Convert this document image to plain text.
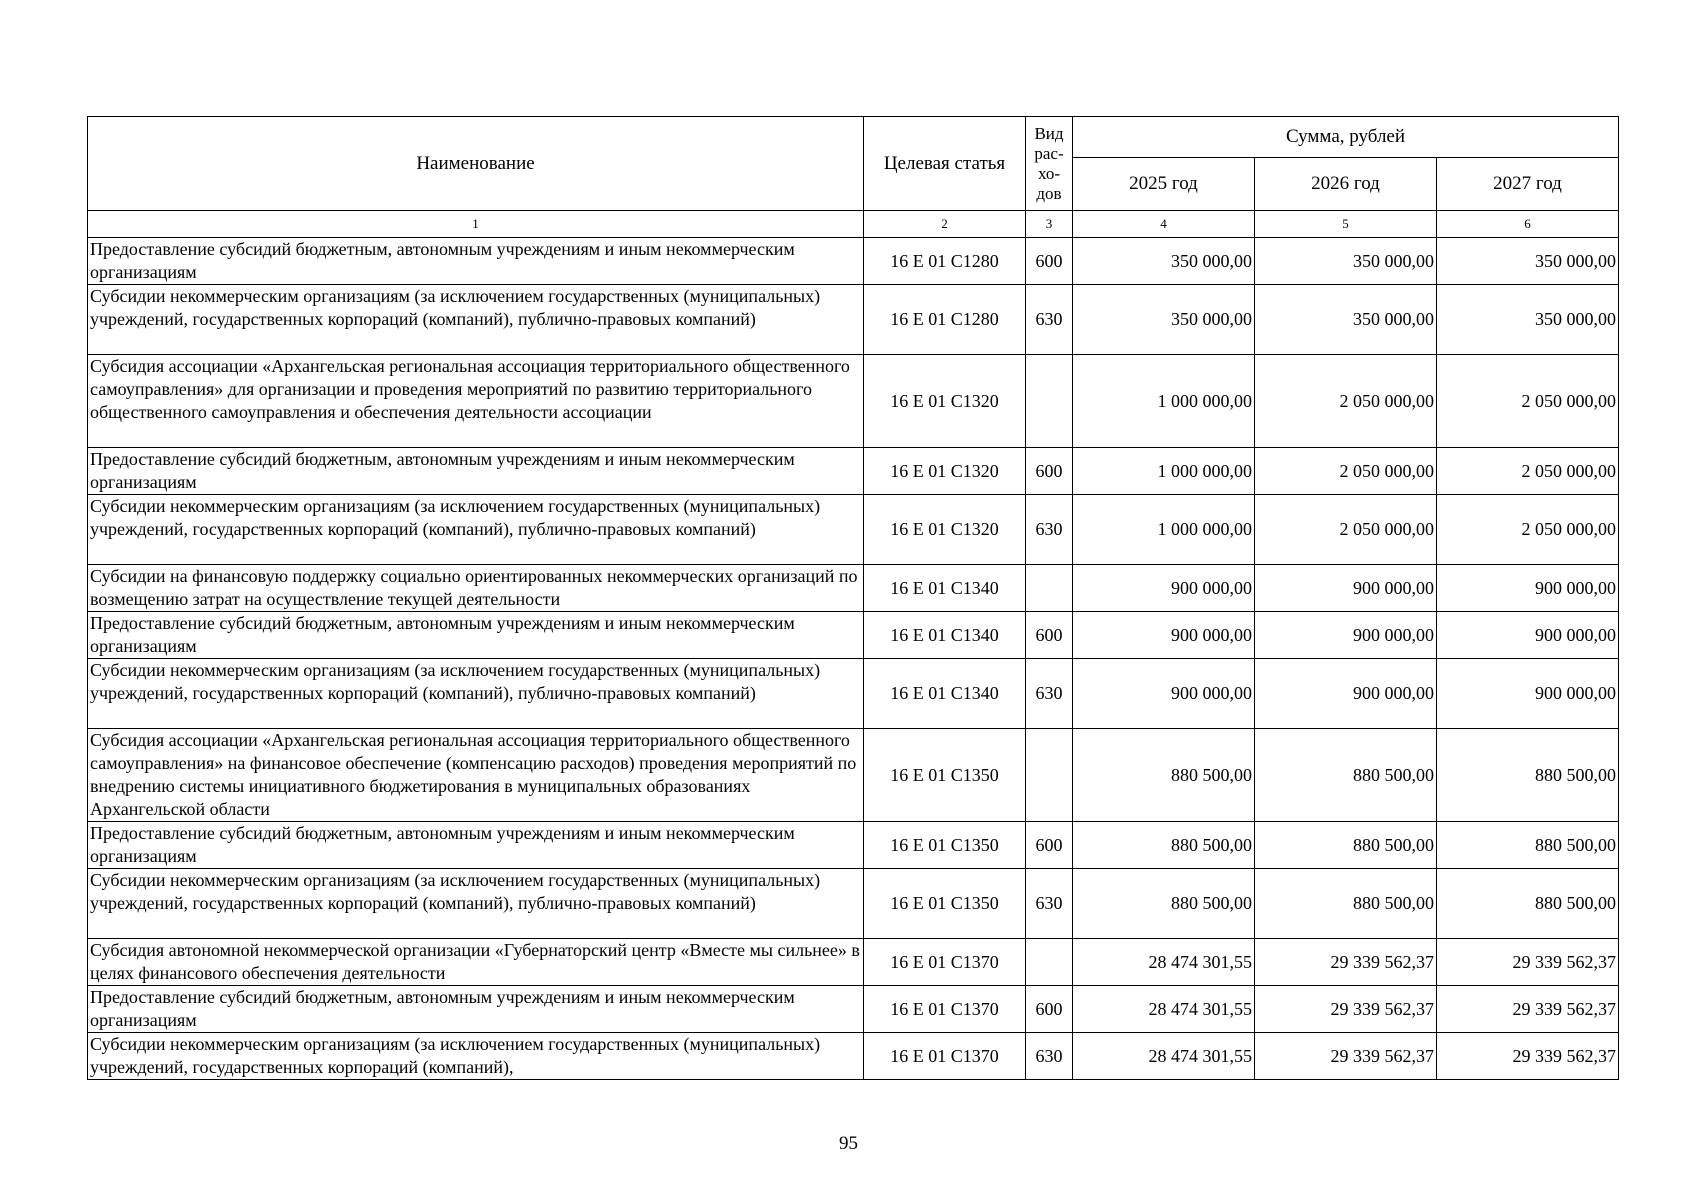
Наименование	Целевая статья	Вид рас-хо-дов	Сумма, рублей		
			2025 год	2026 год	2027 год
1	2	3	4	5	6
Предоставление субсидий бюджетным, автономным учреждениям и иным некоммерческим организациям	16 Е 01 С1280	600	350 000,00	350 000,00	350 000,00
Субсидии некоммерческим организациям (за исключением государственных (муниципальных) учреждений, государственных корпораций (компаний), публично-правовых компаний)	16 Е 01 С1280	630	350 000,00	350 000,00	350 000,00
Субсидия ассоциации «Архангельская региональная ассоциация территориального общественного самоуправления» для организации и проведения мероприятий по развитию территориального общественного самоуправления и обеспечения деятельности ассоциации	16 Е 01 С1320		1 000 000,00	2 050 000,00	2 050 000,00
Предоставление субсидий бюджетным, автономным учреждениям и иным некоммерческим организациям	16 Е 01 С1320	600	1 000 000,00	2 050 000,00	2 050 000,00
Субсидии некоммерческим организациям (за исключением государственных (муниципальных) учреждений, государственных корпораций (компаний), публично-правовых компаний)	16 Е 01 С1320	630	1 000 000,00	2 050 000,00	2 050 000,00
Субсидии на финансовую поддержку социально ориентированных некоммерческих организаций по возмещению затрат на осуществление текущей деятельности	16 Е 01 С1340		900 000,00	900 000,00	900 000,00
Предоставление субсидий бюджетным, автономным учреждениям и иным некоммерческим организациям	16 Е 01 С1340	600	900 000,00	900 000,00	900 000,00
Субсидии некоммерческим организациям (за исключением государственных (муниципальных) учреждений, государственных корпораций (компаний), публично-правовых компаний)	16 Е 01 С1340	630	900 000,00	900 000,00	900 000,00
Субсидия ассоциации «Архангельская региональная ассоциация территориального общественного самоуправления» на финансовое обеспечение (компенсацию расходов) проведения мероприятий по внедрению системы инициативного бюджетирования в муниципальных образованиях Архангельской области	16 Е 01 С1350		880 500,00	880 500,00	880 500,00
Предоставление субсидий бюджетным, автономным учреждениям и иным некоммерческим организациям	16 Е 01 С1350	600	880 500,00	880 500,00	880 500,00
Субсидии некоммерческим организациям (за исключением государственных (муниципальных) учреждений, государственных корпораций (компаний), публично-правовых компаний)	16 Е 01 С1350	630	880 500,00	880 500,00	880 500,00
Субсидия автономной некоммерческой организации «Губернаторский центр «Вместе мы сильнее» в целях финансового обеспечения деятельности	16 Е 01 С1370		28 474 301,55	29 339 562,37	29 339 562,37
Предоставление субсидий бюджетным, автономным учреждениям и иным некоммерческим организациям	16 Е 01 С1370	600	28 474 301,55	29 339 562,37	29 339 562,37
Субсидии некоммерческим организациям (за исключением государственных (муниципальных) учреждений, государственных корпораций (компаний),	16 Е 01 С1370	630	28 474 301,55	29 339 562,37	29 339 562,37
95
